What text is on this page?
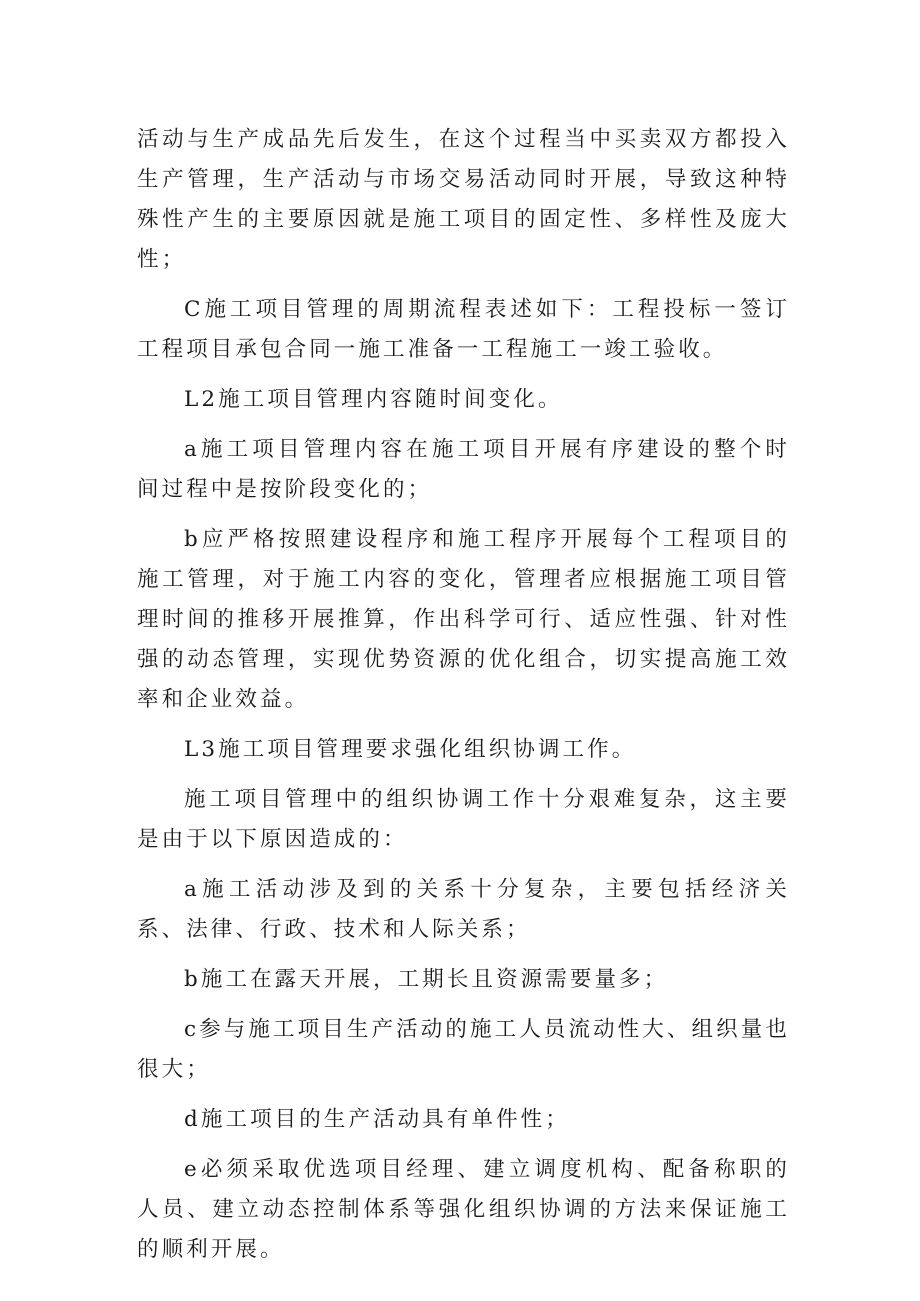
活动与生产成品先后发生，在这个过程当中买卖双方都投入生产管理，生产活动与市场交易活动同时开展，导致这种特殊性产生的主要原因就是施工项目的固定性、多样性及庞大性；

C施工项目管理的周期流程表述如下：工程投标一签订工程项目承包合同一施工准备一工程施工一竣工验收。

L2施工项目管理内容随时间变化。

a施工项目管理内容在施工项目开展有序建设的整个时间过程中是按阶段变化的；

b应严格按照建设程序和施工程序开展每个工程项目的施工管理，对于施工内容的变化，管理者应根据施工项目管理时间的推移开展推算，作出科学可行、适应性强、针对性强的动态管理，实现优势资源的优化组合，切实提高施工效率和企业效益。

L3施工项目管理要求强化组织协调工作。

施工项目管理中的组织协调工作十分艰难复杂，这主要是由于以下原因造成的：

a施工活动涉及到的关系十分复杂，主要包括经济关系、法律、行政、技术和人际关系；

b施工在露天开展，工期长且资源需要量多；

c参与施工项目生产活动的施工人员流动性大、组织量也很大；

d施工项目的生产活动具有单件性；

e必须采取优选项目经理、建立调度机构、配备称职的人员、建立动态控制体系等强化组织协调的方法来保证施工的顺利开展。
